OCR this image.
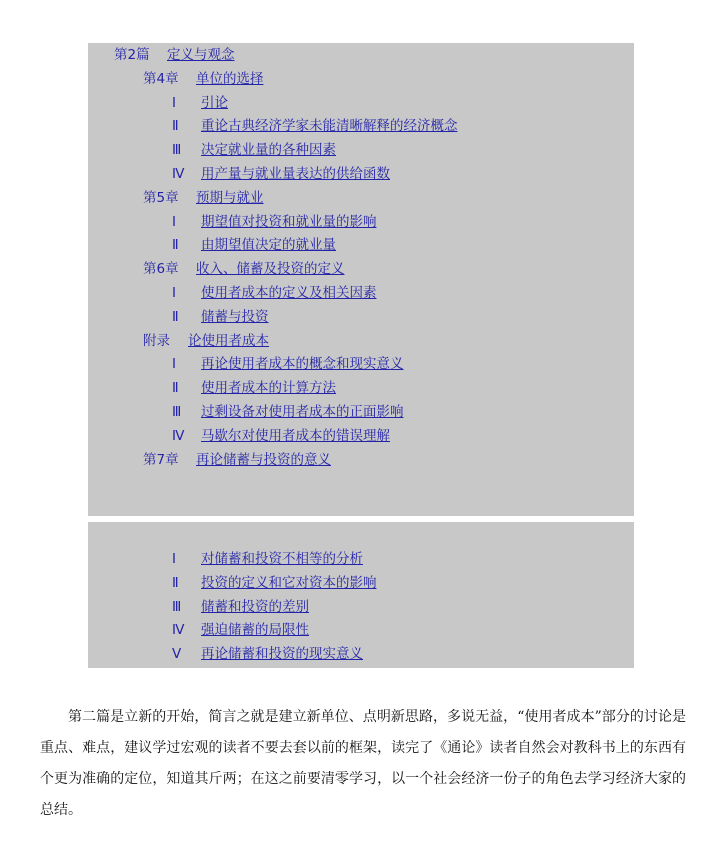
第2篇 定义与观念
第4章 单位的选择
Ⅰ 引论
Ⅱ 重论古典经济学家未能清晰解释的经济概念
Ⅲ 决定就业量的各种因素
Ⅳ 用产量与就业量表达的供给函数
第5章 预期与就业
Ⅰ 期望值对投资和就业量的影响
Ⅱ 由期望值决定的就业量
第6章 收入、储蓄及投资的定义
Ⅰ 使用者成本的定义及相关因素
Ⅱ 储蓄与投资
附录 论使用者成本
Ⅰ 再论使用者成本的概念和现实意义
Ⅱ 使用者成本的计算方法
Ⅲ 过剩设备对使用者成本的正面影响
Ⅳ 马歇尔对使用者成本的错误理解
第7章 再论储蓄与投资的意义
Ⅰ 对储蓄和投资不相等的分析
Ⅱ 投资的定义和它对资本的影响
Ⅲ 储蓄和投资的差别
Ⅳ 强迫储蓄的局限性
Ⅴ 再论储蓄和投资的现实意义

第二篇是立新的开始，简言之就是建立新单位、点明新思路，多说无益，“使用者成本”部分的讨论是重点、难点，建议学过宏观的读者不要去套以前的框架，读完了《通论》读者自然会对教科书上的东西有个更为准确的定位，知道其斤两；在这之前要清零学习，以一个社会经济一份子的角色去学习经济大家的总结。
